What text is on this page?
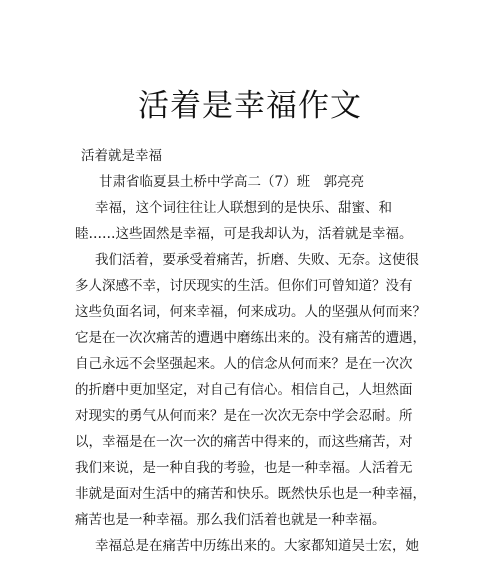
活着是幸福作文
活着就是幸福
甘肃省临夏县土桥中学高二（7）班　郭亮亮
幸福，这个词往往让人联想到的是快乐、甜蜜、和
睦……这些固然是幸福，可是我却认为，活着就是幸福。
我们活着，要承受着痛苦，折磨、失败、无奈。这使很
多人深感不幸，讨厌现实的生活。但你们可曾知道？没有
这些负面名词，何来幸福，何来成功。人的坚强从何而来？
它是在一次次痛苦的遭遇中磨练出来的。没有痛苦的遭遇，
自己永远不会坚强起来。人的信念从何而来？是在一次次
的折磨中更加坚定，对自己有信心。相信自己，人坦然面
对现实的勇气从何而来？是在一次次无奈中学会忍耐。所
以，幸福是在一次一次的痛苦中得来的，而这些痛苦，对
我们来说，是一种自我的考验，也是一种幸福。人活着无
非就是面对生活中的痛苦和快乐。既然快乐也是一种幸福，
痛苦也是一种幸福。那么我们活着也就是一种幸福。
幸福总是在痛苦中历练出来的。大家都知道吴士宏，她
